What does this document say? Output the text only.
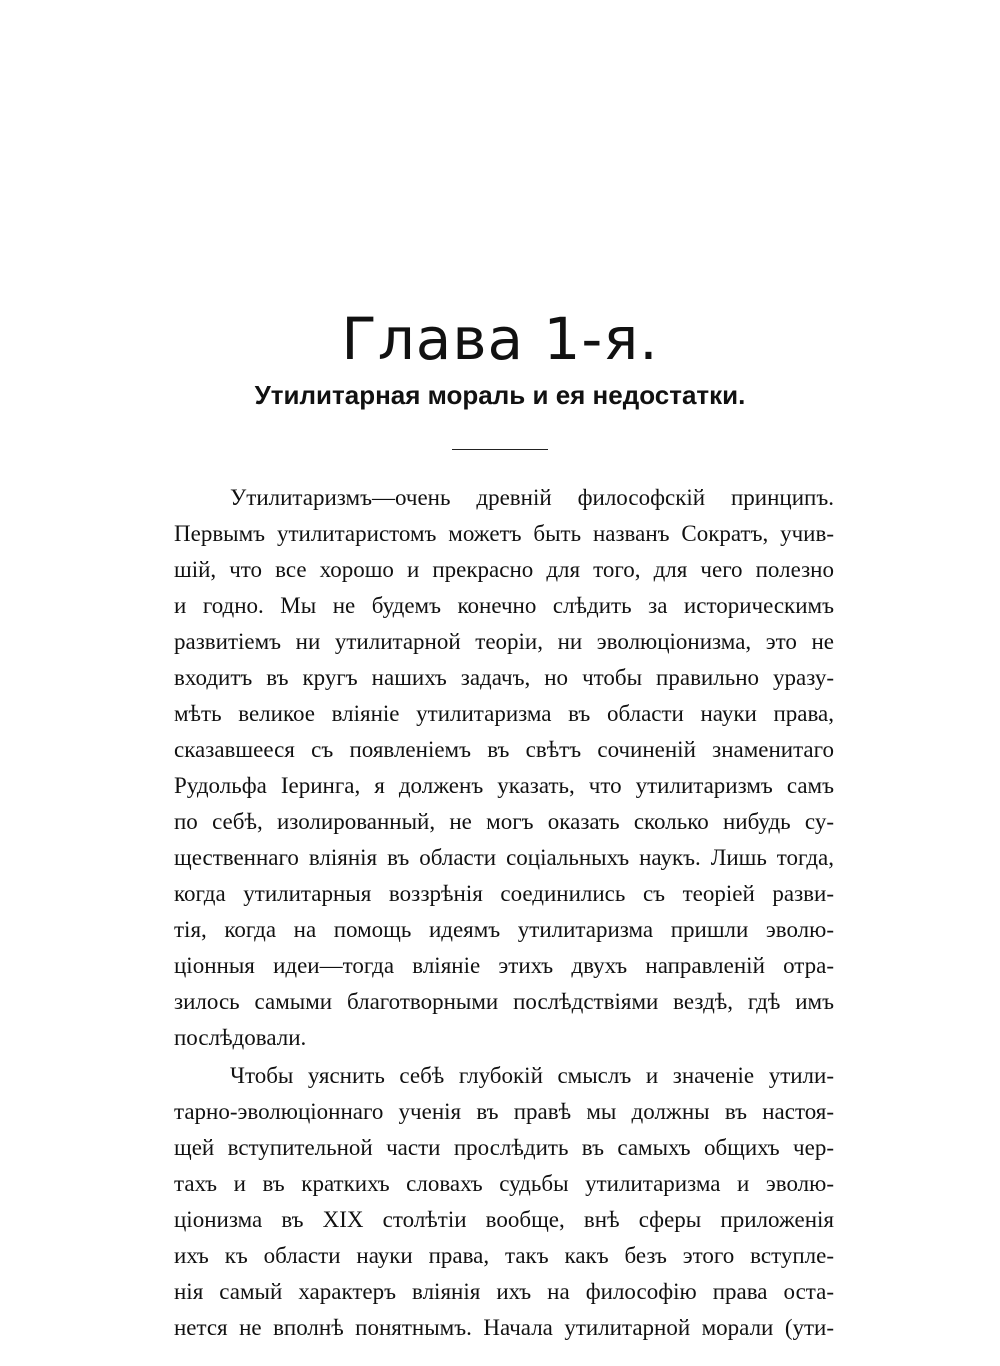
Глава 1-я.
Утилитарная мораль и ея недостатки.
Утилитаризмъ—очень древній философскій принципъ.
Первымъ утилитаристомъ можетъ быть названъ Сократъ, учив-
шій, что все хорошо и прекрасно для того, для чего полезно
и годно. Мы не будемъ конечно слѣдить за историческимъ
развитіемъ ни утилитарной теоріи, ни эволюціонизма, это не
входитъ въ кругъ нашихъ задачъ, но чтобы правильно уразу-
мѣть великое вліяніе утилитаризма въ области науки права,
сказавшееся съ появленіемъ въ свѣтъ сочиненій знаменитаго
Рудольфа Іеринга, я долженъ указать, что утилитаризмъ самъ
по себѣ, изолированный, не могъ оказать сколько нибудь су-
щественнаго вліянія въ области соціальныхъ наукъ. Лишь тогда,
когда утилитарныя воззрѣнія соединились съ теоріей разви-
тія, когда на помощь идеямъ утилитаризма пришли эволю-
ціонныя идеи—тогда вліяніе этихъ двухъ направленій отра-
зилось самыми благотворными послѣдствіями вездѣ, гдѣ имъ
послѣдовали.
Чтобы уяснить себѣ глубокій смыслъ и значеніе утили-
тарно-эволюціоннаго ученія въ правѣ мы должны въ настоя-
щей вступительной части прослѣдить въ самыхъ общихъ чер-
тахъ и въ краткихъ словахъ судьбы утилитаризма и эволю-
ціонизма въ XIX столѣтіи вообще, внѣ сферы приложенія
ихъ къ области науки права, такъ какъ безъ этого вступле-
нія самый характеръ вліянія ихъ на философію права оста-
нется не вполнѣ понятнымъ. Начала утилитарной морали (ути-
